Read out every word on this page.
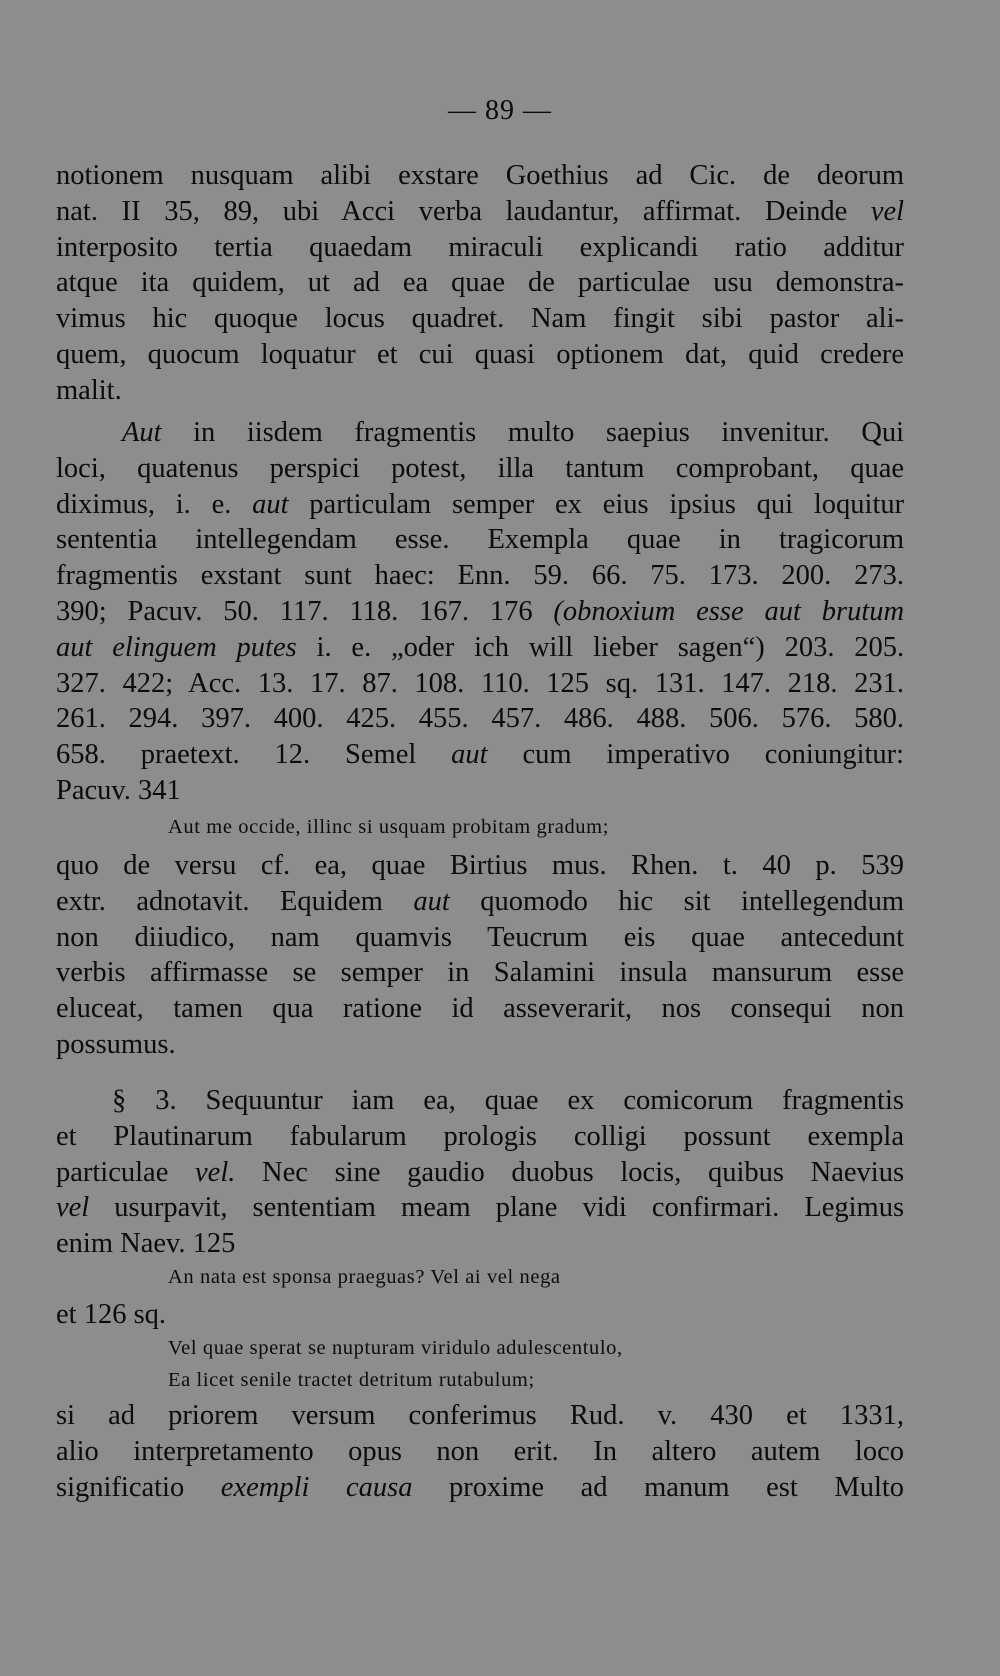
— 89 —
notionem nusquam alibi exstare Goethius ad Cic. de deorum
nat. II 35, 89, ubi Acci verba laudantur, affirmat. Deinde vel
interposito tertia quaedam miraculi explicandi ratio additur
atque ita quidem, ut ad ea quae de particulae usu demonstra-
vimus hic quoque locus quadret. Nam fingit sibi pastor ali-
quem, quocum loquatur et cui quasi optionem dat, quid credere
malit.
Aut in iisdem fragmentis multo saepius invenitur. Qui
loci, quatenus perspici potest, illa tantum comprobant, quae
diximus, i. e. aut particulam semper ex eius ipsius qui loquitur
sententia intellegendam esse. Exempla quae in tragicorum
fragmentis exstant sunt haec: Enn. 59. 66. 75. 173. 200. 273.
390; Pacuv. 50. 117. 118. 167. 176 (obnoxium esse aut brutum
aut elinguem putes i. e. „oder ich will lieber sagen“) 203. 205.
327. 422; Acc. 13. 17. 87. 108. 110. 125 sq. 131. 147. 218. 231.
261. 294. 397. 400. 425. 455. 457. 486. 488. 506. 576. 580.
658. praetext. 12. Semel aut cum imperativo coniungitur:
Pacuv. 341
Aut me occide, illinc si usquam probitam gradum;
quo de versu cf. ea, quae Birtius mus. Rhen. t. 40 p. 539
extr. adnotavit. Equidem aut quomodo hic sit intellegendum
non diiudico, nam quamvis Teucrum eis quae antecedunt
verbis affirmasse se semper in Salamini insula mansurum esse
eluceat, tamen qua ratione id asseverarit, nos consequi non
possumus.
§ 3. Sequuntur iam ea, quae ex comicorum fragmentis
et Plautinarum fabularum prologis colligi possunt exempla
particulae vel. Nec sine gaudio duobus locis, quibus Naevius
vel usurpavit, sententiam meam plane vidi confirmari. Legimus
enim Naev. 125
An nata est sponsa praeguas? Vel ai vel nega
et 126 sq.
Vel quae sperat se nupturam viridulo adulescentulo,
Ea licet senile tractet detritum rutabulum;
si ad priorem versum conferimus Rud. v. 430 et 1331,
alio interpretamento opus non erit. In altero autem loco
significatio exempli causa proxime ad manum est Multo
